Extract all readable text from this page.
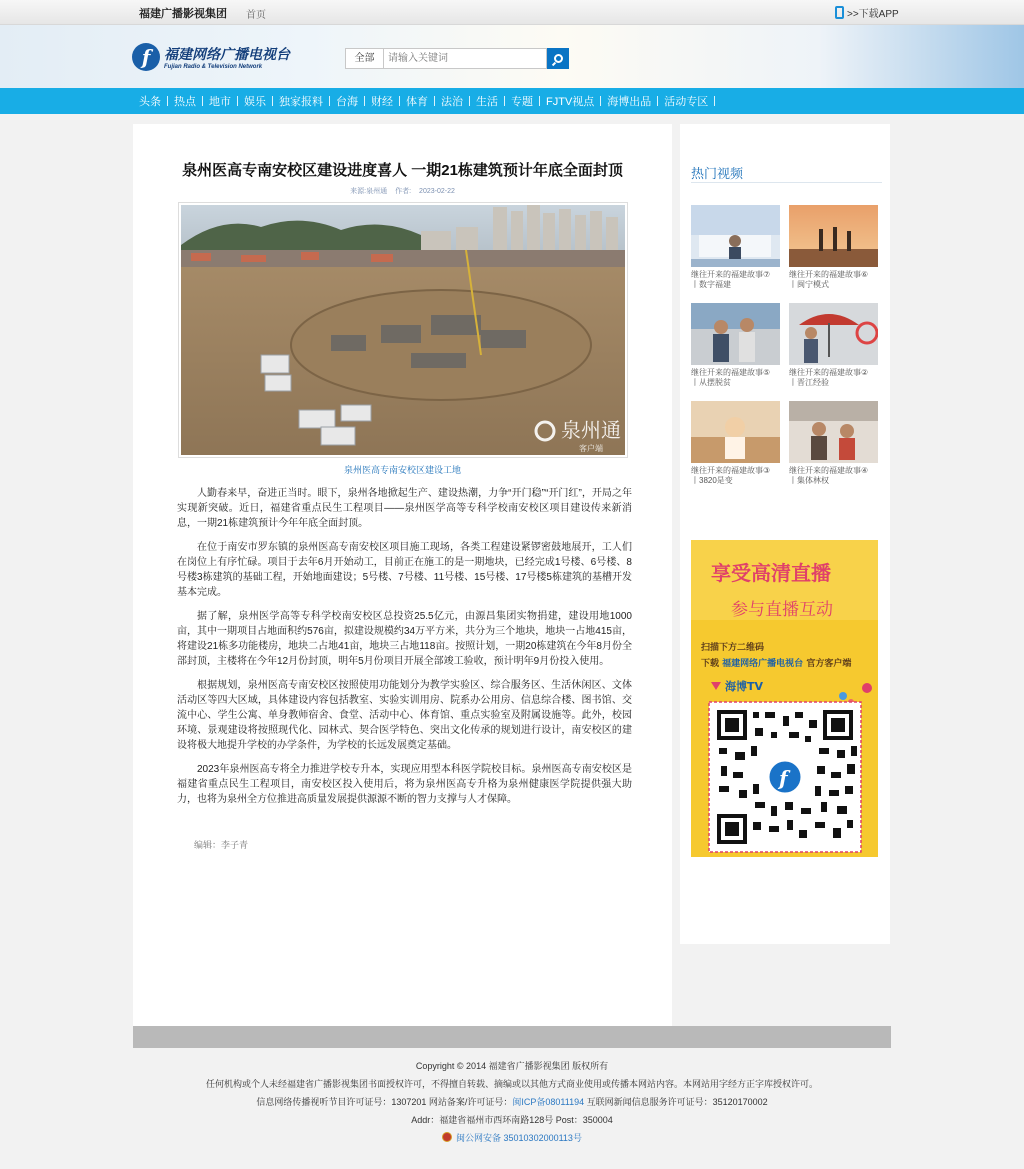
福建广播影视集团 首页	>>下载APP
f 福建网络广播电视台
Fujian Radio & Television Network
全部
请输入关键词
头条 热点 地市 娱乐 独家报料 台海 财经 体育 法治 生活 专题 FJTV视点 海博出品 活动专区
泉州医高专南安校区建设进度喜人 一期21栋建筑预计年底全面封顶
来源:泉州通 作者: 2023-02-22
泉州通
客户端
泉州医高专南安校区建设工地

人勤春来早，奋进正当时。眼下，泉州各地掀起生产、建设热潮，力争“开门稳”“开门红”，开局之年实现新突破。近日，福建省重点民生工程项目——泉州医学高等专科学校南安校区项目建设传来新消息，一期21栋建筑预计今年年底全面封顶。

在位于南安市罗东镇的泉州医高专南安校区项目施工现场，各类工程建设紧锣密鼓地展开，工人们在岗位上有序忙碌。项目于去年6月开始动工，目前正在施工的是一期地块，已经完成1号楼、6号楼、8号楼3栋建筑的基础工程，开始地面建设；5号楼、7号楼、11号楼、15号楼、17号楼5栋建筑的基槽开发基本完成。

据了解，泉州医学高等专科学校南安校区总投资25.5亿元，由源昌集团实物捐建，建设用地1000亩，其中一期项目占地面积约576亩，拟建设规模约34万平方米，共分为三个地块，地块一占地415亩，将建设21栋多功能楼房，地块二占地41亩，地块三占地118亩。按照计划，一期20栋建筑在今年8月份全部封顶，主楼将在今年12月份封顶，明年5月份项目开展全部竣工验收，预计明年9月份投入使用。

根据规划，泉州医高专南安校区按照使用功能划分为教学实验区、综合服务区、生活休闲区、文体活动区等四大区域，具体建设内容包括教室、实验实训用房、院系办公用房、信息综合楼、图书馆、交流中心、学生公寓、单身教师宿舍、食堂、活动中心、体育馆、重点实验室及附属设施等。此外，校园环境、景观建设将按照现代化、园林式、契合医学特色、突出文化传承的规划进行设计，南安校区的建设将极大地提升学校的办学条件，为学校的长远发展奠定基础。

2023年泉州医高专将全力推进学校专升本，实现应用型本科医学院校目标。泉州医高专南安校区是福建省重点民生工程项目，南安校区投入使用后，将为泉州医高专升格为泉州健康医学院提供强大助力，也将为泉州全方位推进高质量发展提供源源不断的智力支撑与人才保障。

编辑：李子青
热门视频
继往开来的福建故事⑦
丨数字福建
继往开来的福建故事⑥
丨闽宁模式
继往开来的福建故事⑤
丨从摆脱贫
继往开来的福建故事②
丨晋江经验
继往开来的福建故事③
丨3820是变
继往开来的福建故事④
丨集体林权
享受高清直播
参与直播互动
扫描下方二维码
下载 福建网络广播电视台 官方客户端
海博TV
f
Copyright © 2014 福建省广播影视集团 版权所有
任何机构或个人未经福建省广播影视集团书面授权许可，不得擅自转载、摘编或以其他方式商业使用或传播本网站内容。本网站用字经方正字库授权许可。
信息网络传播视听节目许可证号：1307201 网站备案/许可证号：闽ICP备08011194 互联网新闻信息服务许可证号：35120170002
Addr：福建省福州市西环南路128号 Post：350004
闽公网安备 35010302000113号
